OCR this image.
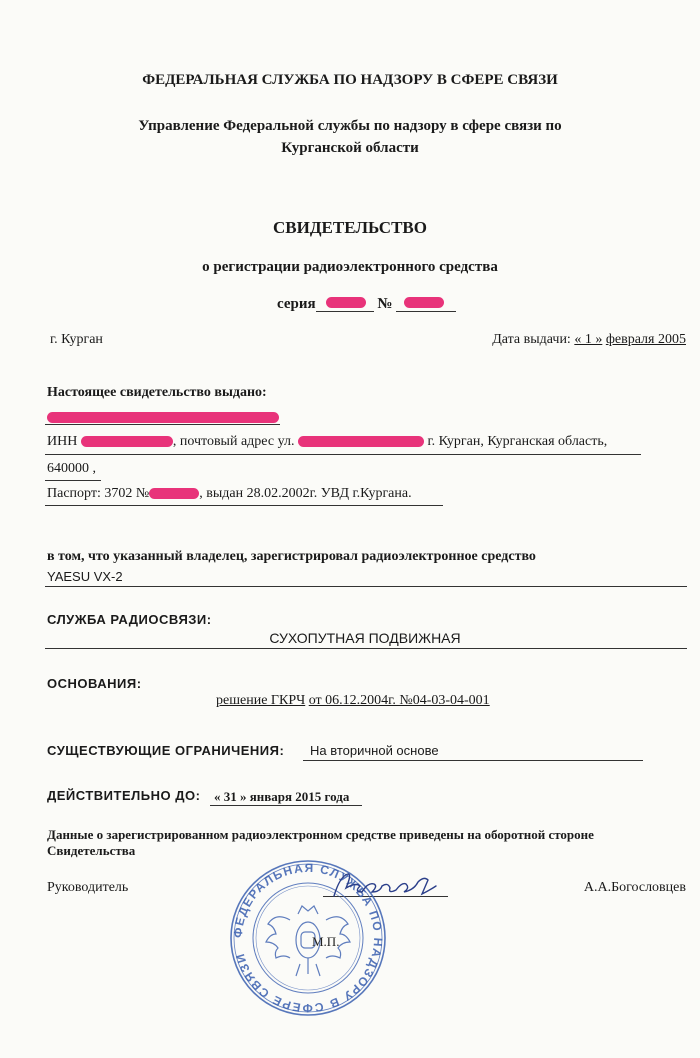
ФЕДЕРАЛЬНАЯ СЛУЖБА ПО НАДЗОРУ В СФЕРЕ СВЯЗИ
Управление Федеральной службы по надзору в сфере связи по
Курганской области
СВИДЕТЕЛЬСТВО
о регистрации радиоэлектронного средства
серия	№
г. Курган	Дата выдачи: « 1 » февраля 2005
Настоящее свидетельство выдано:
ИНН	, почтовый адрес ул.	г. Курган, Курганская область,
640000 ,
Паспорт: 3702 №	, выдан 28.02.2002г. УВД г.Кургана.
в том, что указанный владелец, зарегистрировал радиоэлектронное средство
YAESU VX-2
СЛУЖБА РАДИОСВЯЗИ:
СУХОПУТНАЯ ПОДВИЖНАЯ
ОСНОВАНИЯ:
решение ГКРЧ от 06.12.2004г. №04-03-04-001
СУЩЕСТВУЮЩИЕ ОГРАНИЧЕНИЯ: На вторичной основе
ДЕЙСТВИТЕЛЬНО ДО: « 31 » января 2015 года
Данные о зарегистрированном радиоэлектронном средстве приведены на оборотной стороне
Свидетельства
Руководитель	А.А.Богословцев
ФЕДЕРАЛЬНАЯ СЛУЖБА ПО НАДЗОРУ В СФЕРЕ СВЯЗИ
М.П.
